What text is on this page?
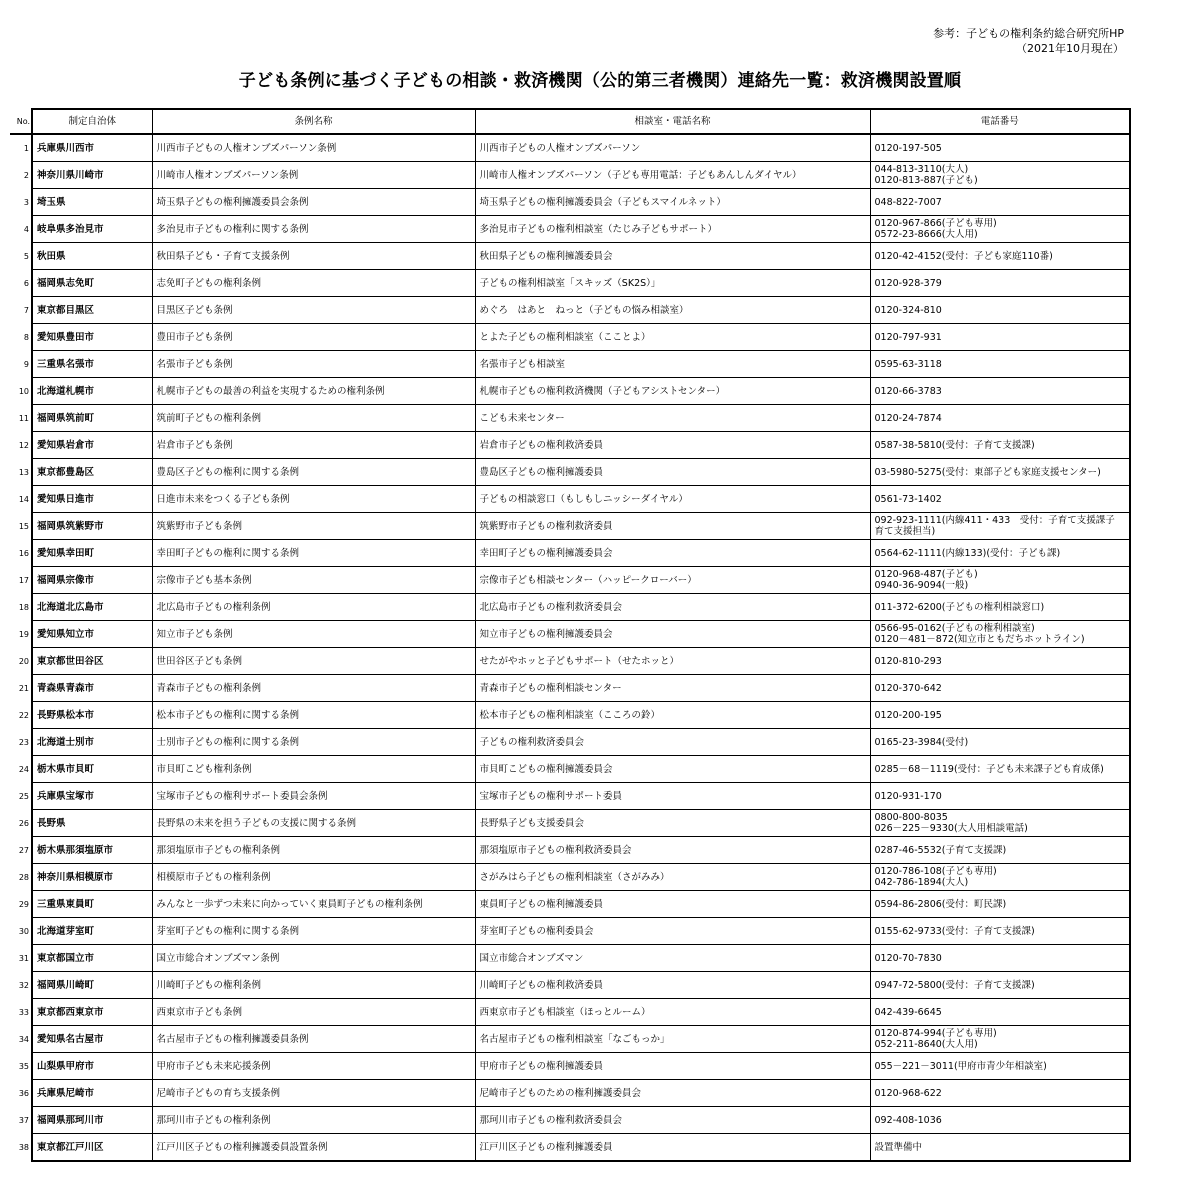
参考：子どもの権利条約総合研究所HP
（2021年10月現在）
子ども条例に基づく子どもの相談・救済機関（公的第三者機関）連絡先一覧：救済機関設置順
No.	制定自治体	条例名称	相談室・電話名称	電話番号
1	兵庫県川西市	川西市子どもの人権オンブズパーソン条例	川西市子どもの人権オンブズパーソン	0120-197-505

2	神奈川県川崎市	川崎市人権オンブズパーソン条例	川崎市人権オンブズパーソン（子ども専用電話：子どもあんしんダイヤル）	044-813-3110(大人)
0120-813-887(子ども)

3	埼玉県	埼玉県子どもの権利擁護委員会条例	埼玉県子どもの権利擁護委員会（子どもスマイルネット）	048-822-7007

4	岐阜県多治見市	多治見市子どもの権利に関する条例	多治見市子どもの権利相談室（たじみ子どもサポート）	0120-967-866(子ども専用)
0572-23-8666(大人用)

5	秋田県	秋田県子ども・子育て支援条例	秋田県子どもの権利擁護委員会	0120-42-4152(受付：子ども家庭110番)

6	福岡県志免町	志免町子どもの権利条例	子どもの権利相談室「スキッズ（SK2S）」	0120-928-379

7	東京都目黒区	目黒区子ども条例	めぐろ　はあと　ねっと（子どもの悩み相談室）	0120-324-810

8	愛知県豊田市	豊田市子ども条例	とよた子どもの権利相談室（こことよ）	0120-797-931

9	三重県名張市	名張市子ども条例	名張市子ども相談室	0595-63-3118

10	北海道札幌市	札幌市子どもの最善の利益を実現するための権利条例	札幌市子どもの権利救済機関（子どもアシストセンター）	0120-66-3783

11	福岡県筑前町	筑前町子どもの権利条例	こども未来センター	0120-24-7874

12	愛知県岩倉市	岩倉市子ども条例	岩倉市子どもの権利救済委員	0587-38-5810(受付：子育て支援課)

13	東京都豊島区	豊島区子どもの権利に関する条例	豊島区子どもの権利擁護委員	03-5980-5275(受付：東部子ども家庭支援センター)

14	愛知県日進市	日進市未来をつくる子ども条例	子どもの相談窓口（もしもしニッシーダイヤル）	0561-73-1402

15	福岡県筑紫野市	筑紫野市子ども条例	筑紫野市子どもの権利救済委員	092-923-1111(内線411・433　受付：子育て支援課子
育て支援担当)

16	愛知県幸田町	幸田町子どもの権利に関する条例	幸田町子どもの権利擁護委員会	0564-62-1111(内線133)(受付：子ども課)

17	福岡県宗像市	宗像市子ども基本条例	宗像市子ども相談センター（ハッピークローバー）	0120-968-487(子ども)
0940-36-9094(一般)

18	北海道北広島市	北広島市子どもの権利条例	北広島市子どもの権利救済委員会	011-372-6200(子どもの権利相談窓口)

19	愛知県知立市	知立市子ども条例	知立市子どもの権利擁護委員会	0566-95-0162(子どもの権利相談室)
0120－481－872(知立市ともだちホットライン)

20	東京都世田谷区	世田谷区子ども条例	せたがやホッと子どもサポート（せたホッと）	0120-810-293

21	青森県青森市	青森市子どもの権利条例	青森市子どもの権利相談センター	0120-370-642

22	長野県松本市	松本市子どもの権利に関する条例	松本市子どもの権利相談室（こころの鈴）	0120-200-195

23	北海道士別市	士別市子どもの権利に関する条例	子どもの権利救済委員会	0165-23-3984(受付)

24	栃木県市貝町	市貝町こども権利条例	市貝町こどもの権利擁護委員会	0285－68－1119(受付：子ども未来課子ども育成係)

25	兵庫県宝塚市	宝塚市子どもの権利サポート委員会条例	宝塚市子どもの権利サポート委員	0120-931-170

26	長野県	長野県の未来を担う子どもの支援に関する条例	長野県子ども支援委員会	0800-800-8035
026－225－9330(大人用相談電話)

27	栃木県那須塩原市	那須塩原市子どもの権利条例	那須塩原市子どもの権利救済委員会	0287-46-5532(子育て支援課)

28	神奈川県相模原市	相模原市子どもの権利条例	さがみはら子どもの権利相談室（さがみみ）	0120-786-108(子ども専用)
042-786-1894(大人)

29	三重県東員町	みんなと一歩ずつ未来に向かっていく東員町子どもの権利条例	東員町子どもの権利擁護委員	0594-86-2806(受付：町民課)

30	北海道芽室町	芽室町子どもの権利に関する条例	芽室町子どもの権利委員会	0155-62-9733(受付：子育て支援課)

31	東京都国立市	国立市総合オンブズマン条例	国立市総合オンブズマン	0120-70-7830

32	福岡県川崎町	川崎町子どもの権利条例	川崎町子どもの権利救済委員	0947-72-5800(受付：子育て支援課)

33	東京都西東京市	西東京市子ども条例	西東京市子ども相談室（ほっとルーム）	042-439-6645

34	愛知県名古屋市	名古屋市子どもの権利擁護委員条例	名古屋市子どもの権利相談室「なごもっか」	0120-874-994(子ども専用)
052-211-8640(大人用)

35	山梨県甲府市	甲府市子ども未来応援条例	甲府市子どもの権利擁護委員	055－221－3011(甲府市青少年相談室)

36	兵庫県尼崎市	尼崎市子どもの育ち支援条例	尼崎市子どものための権利擁護委員会	0120-968-622

37	福岡県那珂川市	那珂川市子どもの権利条例	那珂川市子どもの権利救済委員会	092-408-1036

38	東京都江戸川区	江戸川区子どもの権利擁護委員設置条例	江戸川区子どもの権利擁護委員	設置準備中
